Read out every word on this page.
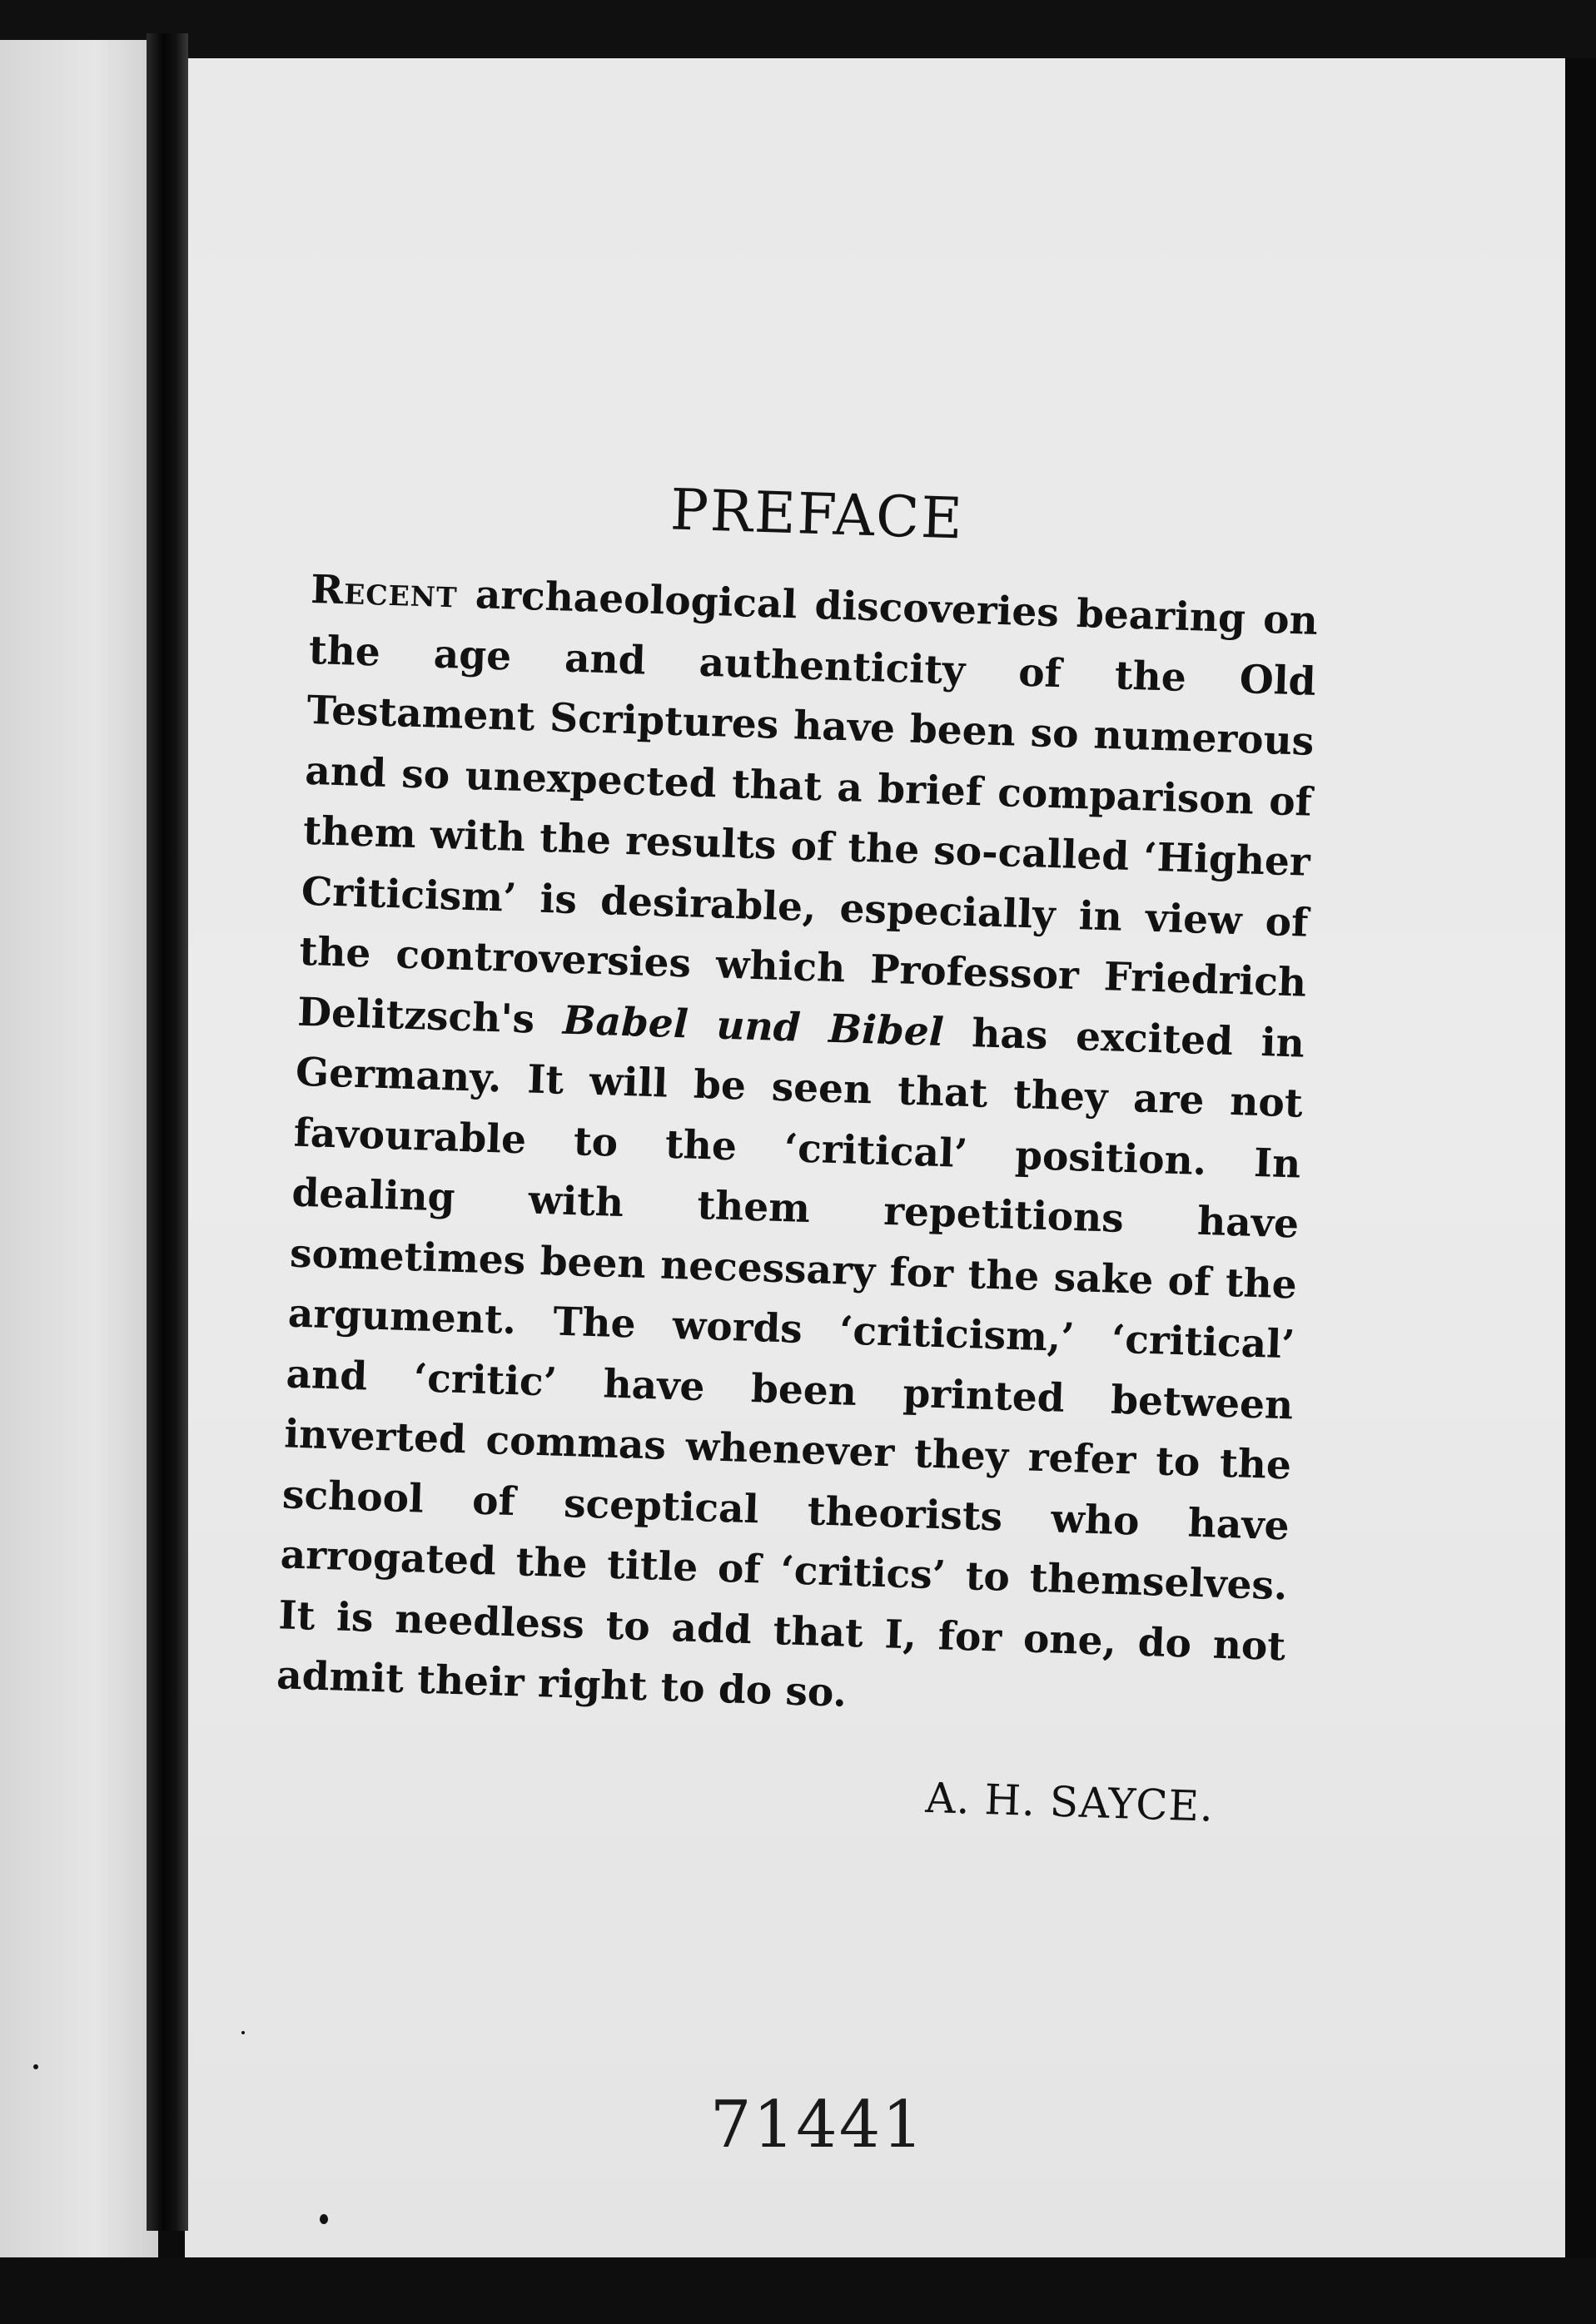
PREFACE

Recent archaeological discoveries bearing on the age and authenticity of the Old Testament Scriptures have been so numerous and so unexpected that a brief comparison of them with the results of the so-called ‘Higher Criticism’ is desirable, especially in view of the controversies which Professor Friedrich Delitzsch's Babel und Bibel has excited in Germany. It will be seen that they are not favourable to the ‘critical’ position. In dealing with them repetitions have sometimes been necessary for the sake of the argument. The words ‘criticism,’ ‘critical’ and ‘critic’ have been printed between inverted commas whenever they refer to the school of sceptical theorists who have arrogated the title of ‘critics’ to themselves. It is needless to add that I, for one, do not admit their right to do so.

A. H. SAYCE.
71441
